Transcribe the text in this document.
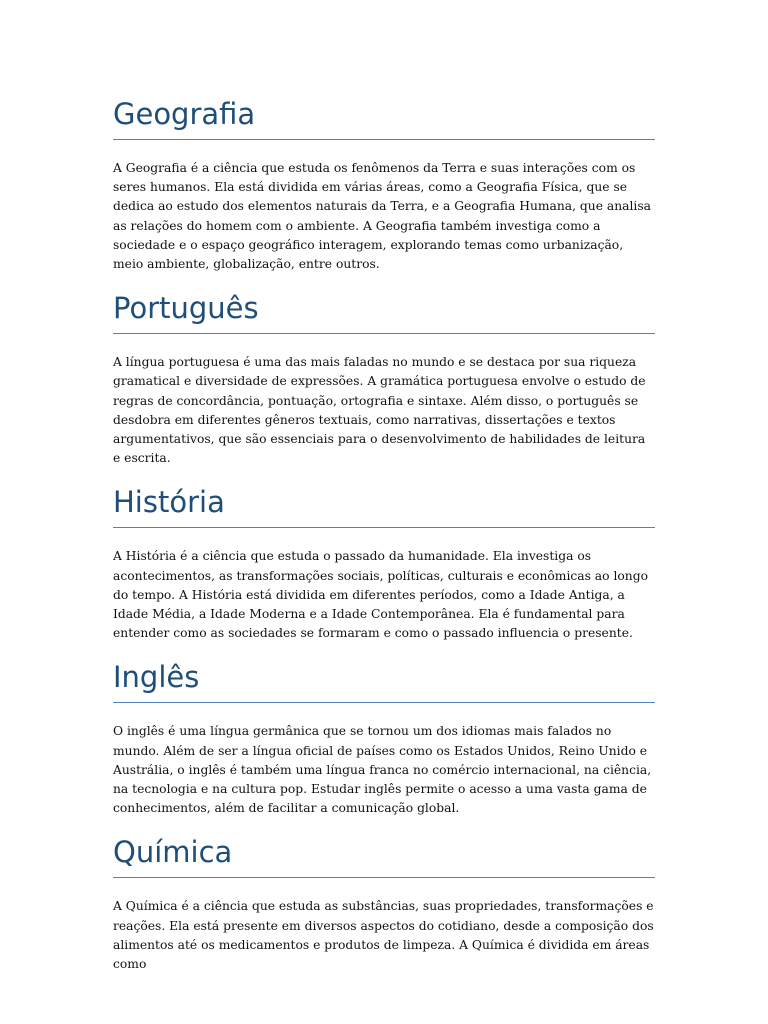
Geografia

A Geografia é a ciência que estuda os fenômenos da Terra e suas interações com os seres humanos. Ela está dividida em várias áreas, como a Geografia Física, que se dedica ao estudo dos elementos naturais da Terra, e a Geografia Humana, que analisa as relações do homem com o ambiente. A Geografia também investiga como a sociedade e o espaço geográfico interagem, explorando temas como urbanização, meio ambiente, globalização, entre outros.

Português

A língua portuguesa é uma das mais faladas no mundo e se destaca por sua riqueza gramatical e diversidade de expressões. A gramática portuguesa envolve o estudo de regras de concordância, pontuação, ortografia e sintaxe. Além disso, o português se desdobra em diferentes gêneros textuais, como narrativas, dissertações e textos argumentativos, que são essenciais para o desenvolvimento de habilidades de leitura e escrita.

História

A História é a ciência que estuda o passado da humanidade. Ela investiga os acontecimentos, as transformações sociais, políticas, culturais e econômicas ao longo do tempo. A História está dividida em diferentes períodos, como a Idade Antiga, a Idade Média, a Idade Moderna e a Idade Contemporânea. Ela é fundamental para entender como as sociedades se formaram e como o passado influencia o presente.

Inglês

O inglês é uma língua germânica que se tornou um dos idiomas mais falados no mundo. Além de ser a língua oficial de países como os Estados Unidos, Reino Unido e Austrália, o inglês é também uma língua franca no comércio internacional, na ciência, na tecnologia e na cultura pop. Estudar inglês permite o acesso a uma vasta gama de conhecimentos, além de facilitar a comunicação global.

Química

A Química é a ciência que estuda as substâncias, suas propriedades, transformações e reações. Ela está presente em diversos aspectos do cotidiano, desde a composição dos alimentos até os medicamentos e produtos de limpeza. A Química é dividida em áreas como
